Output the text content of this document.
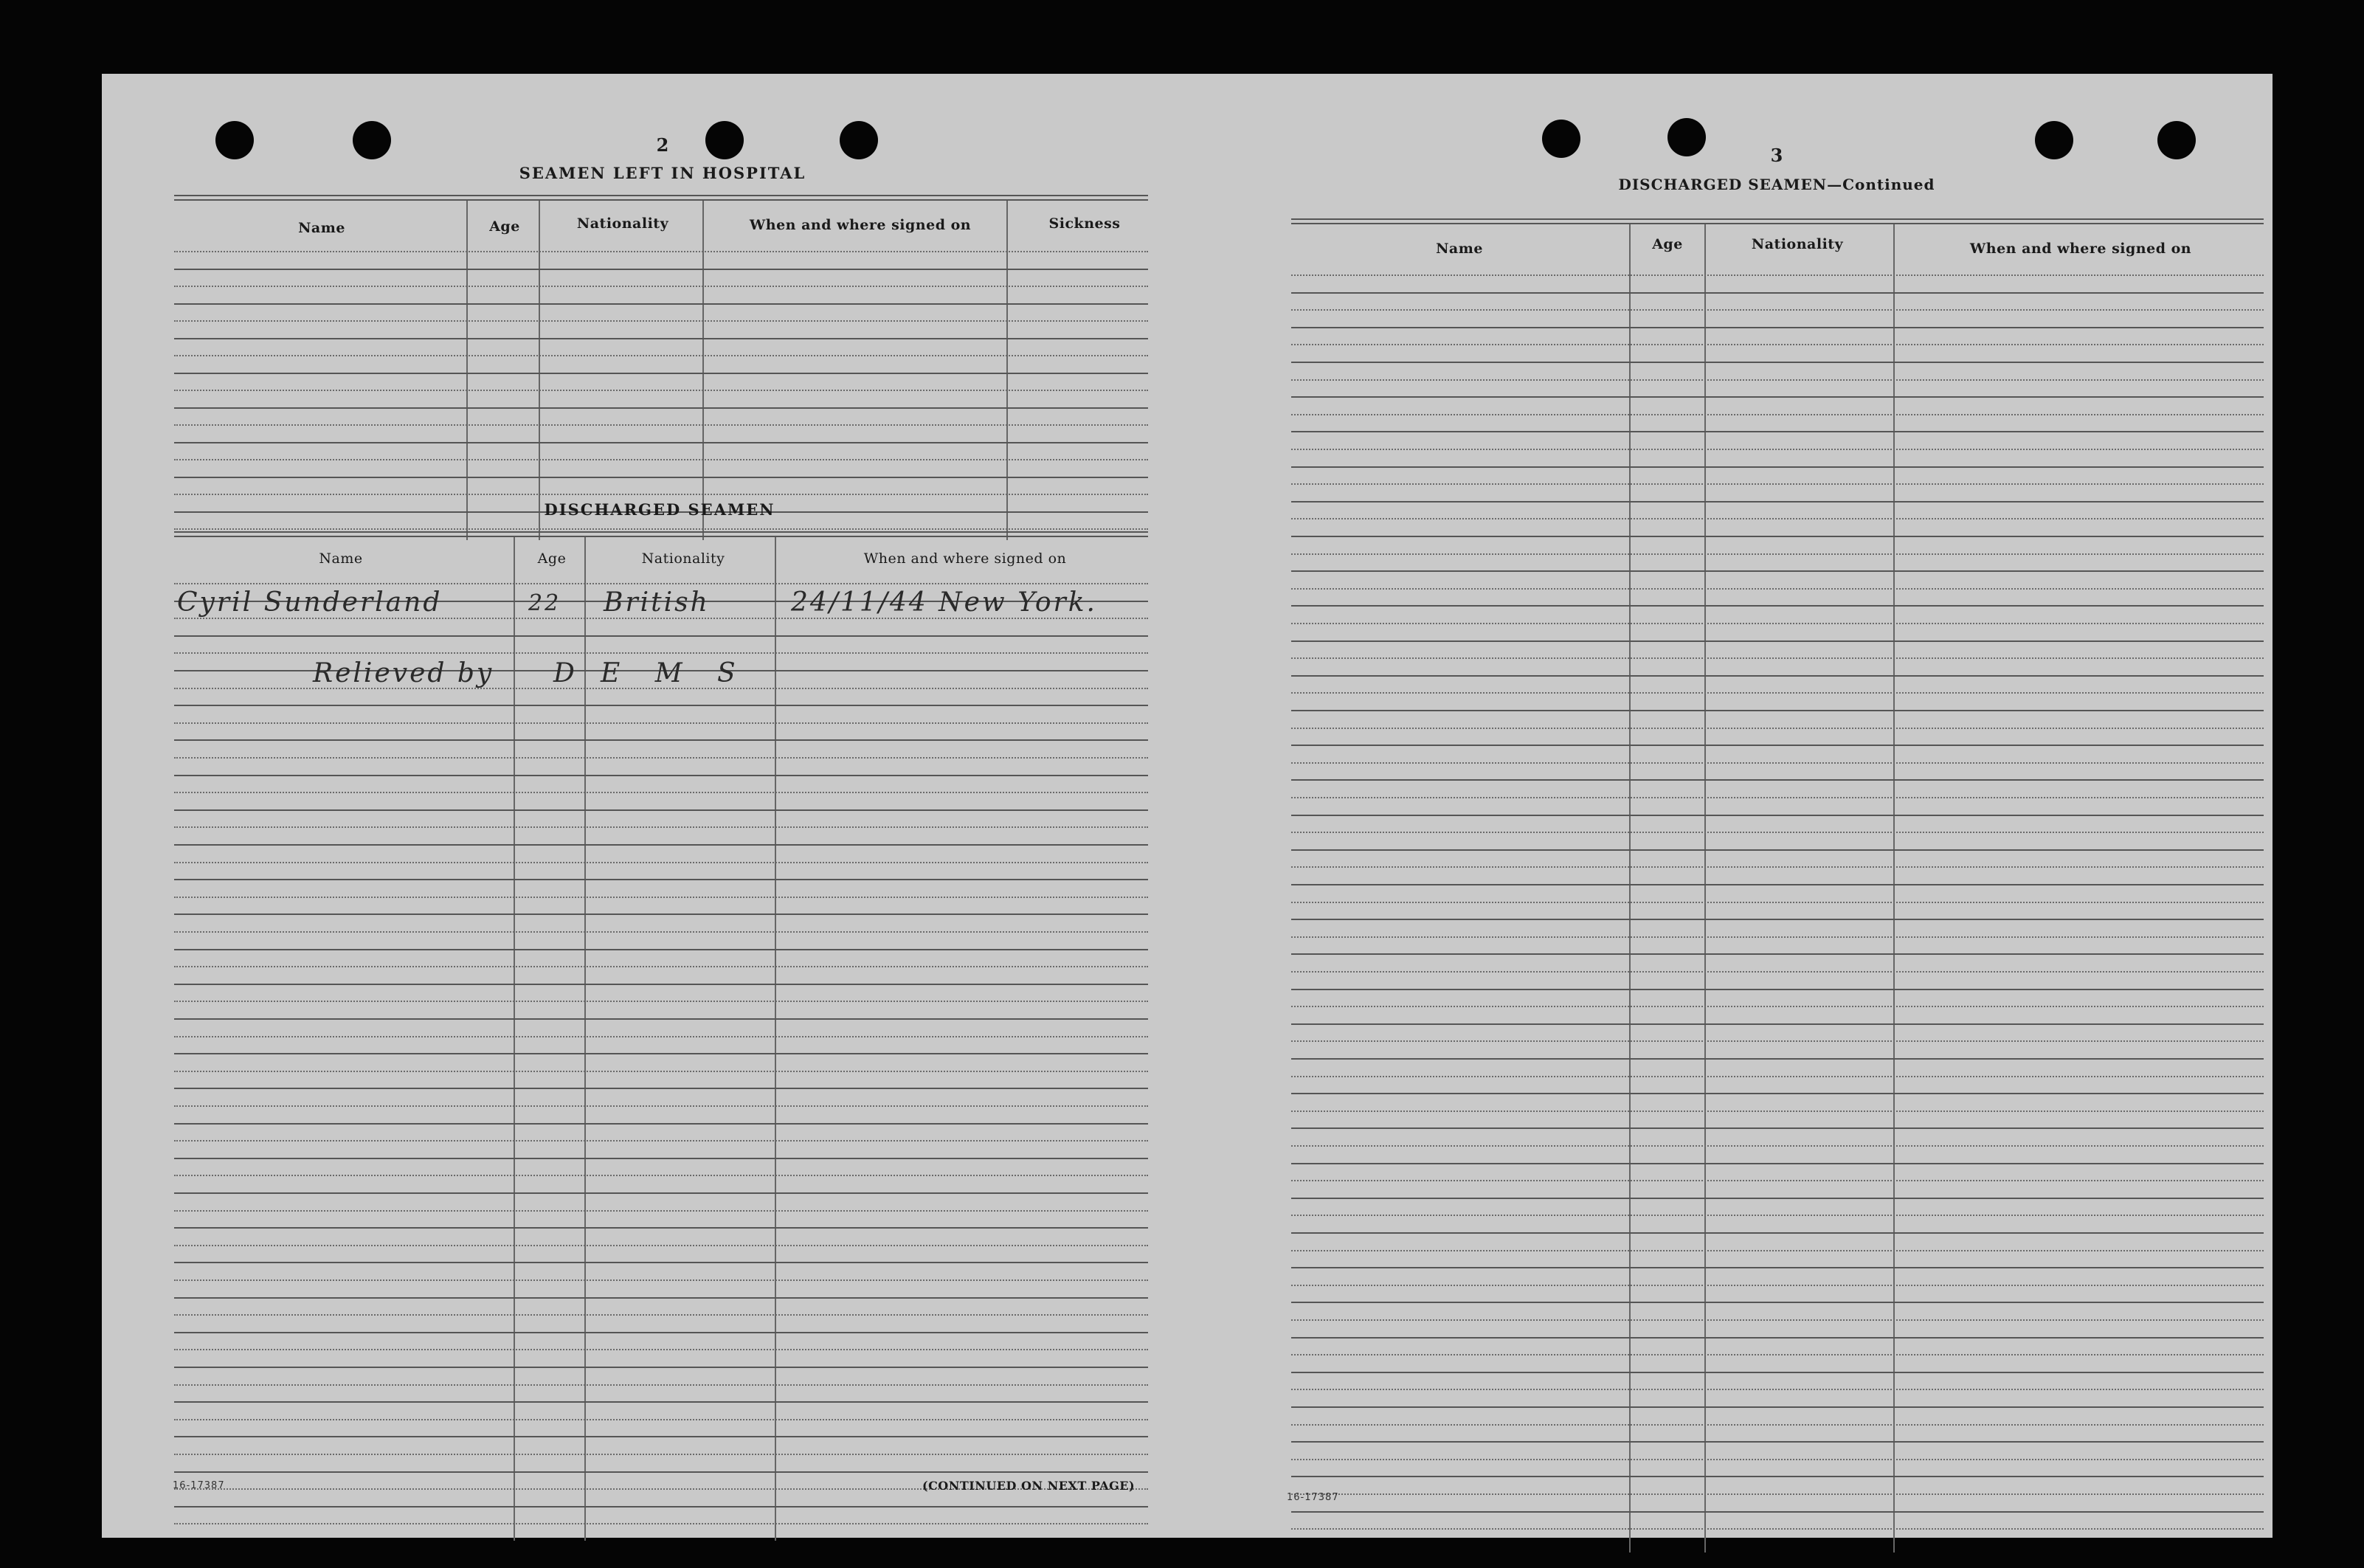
2
SEAMEN LEFT IN HOSPITAL
Name	Age	Nationality	When and where signed on	Sickness
DISCHARGED SEAMEN
Name	Age	Nationality	When and where signed on
Cyril Sunderland	22 British	24/11/44 New York.
Relieved by D E M S
16-17387	(CONTINUED ON NEXT PAGE)
3
DISCHARGED SEAMEN—Continued
Name	Age	Nationality	When and where signed on
16-17387
